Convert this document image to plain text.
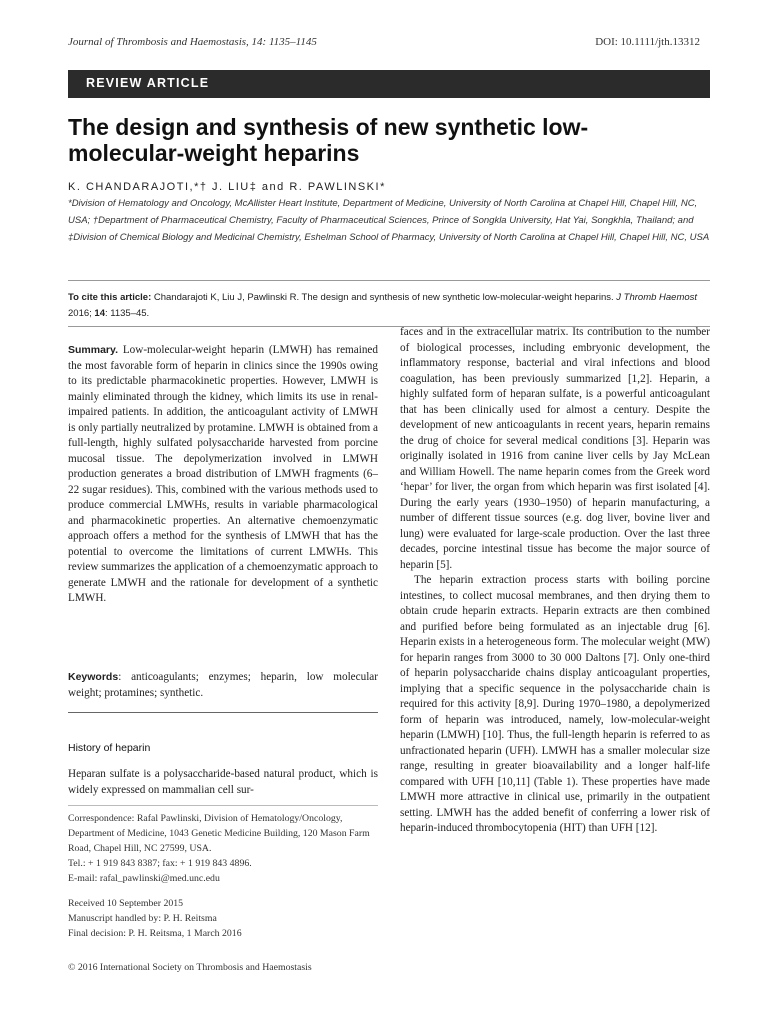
Journal of Thrombosis and Haemostasis, 14: 1135–1145	DOI: 10.1111/jth.13312
REVIEW ARTICLE
The design and synthesis of new synthetic low-molecular-weight heparins
K. CHANDARAJOTI,*† J. LIU‡ and R. PAWLINSKI*
*Division of Hematology and Oncology, McAllister Heart Institute, Department of Medicine, University of North Carolina at Chapel Hill, Chapel Hill, NC, USA; †Department of Pharmaceutical Chemistry, Faculty of Pharmaceutical Sciences, Prince of Songkla University, Hat Yai, Songkhla, Thailand; and ‡Division of Chemical Biology and Medicinal Chemistry, Eshelman School of Pharmacy, University of North Carolina at Chapel Hill, Chapel Hill, NC, USA
To cite this article: Chandarajoti K, Liu J, Pawlinski R. The design and synthesis of new synthetic low-molecular-weight heparins. J Thromb Haemost 2016; 14: 1135–45.

Summary. Low-molecular-weight heparin (LMWH) has remained the most favorable form of heparin in clinics since the 1990s owing to its predictable pharmacokinetic properties. However, LMWH is mainly eliminated through the kidney, which limits its use in renal-impaired patients. In addition, the anticoagulant activity of LMWH is only partially neutralized by protamine. LMWH is obtained from a full-length, highly sulfated polysaccharide harvested from porcine mucosal tissue. The depolymerization involved in LMWH production generates a broad distribution of LMWH fragments (6–22 sugar residues). This, combined with the various methods used to produce commercial LMWHs, results in variable pharmacological and pharmacokinetic properties. An alternative chemoenzymatic approach offers a method for the synthesis of LMWH that has the potential to overcome the limitations of current LMWHs. This review summarizes the application of a chemoenzymatic approach to generate LMWH and the rationale for development of a synthetic LMWH.

Keywords: anticoagulants; enzymes; heparin, low molecular weight; protamines; synthetic.

History of heparin

Heparan sulfate is a polysaccharide-based natural product, which is widely expressed on mammalian cell sur-

Correspondence: Rafal Pawlinski, Division of Hematology/Oncology, Department of Medicine, 1043 Genetic Medicine Building, 120 Mason Farm Road, Chapel Hill, NC 27599, USA.

Tel.: + 1 919 843 8387; fax: + 1 919 843 4896.

E-mail: rafal_pawlinski@med.unc.edu

Received 10 September 2015

Manuscript handled by: P. H. Reitsma

Final decision: P. H. Reitsma, 1 March 2016

© 2016 International Society on Thrombosis and Haemostasis

faces and in the extracellular matrix. Its contribution to the number of biological processes, including embryonic development, the inflammatory response, bacterial and viral infections and blood coagulation, has been previously summarized [1,2]. Heparin, a highly sulfated form of heparan sulfate, is a powerful anticoagulant that has been clinically used for almost a century. Despite the development of new anticoagulants in recent years, heparin remains the drug of choice for several medical conditions [3]. Heparin was originally isolated in 1916 from canine liver cells by Jay McLean and William Howell. The name heparin comes from the Greek word ‘hepar’ for liver, the organ from which heparin was first isolated [4]. During the early years (1930–1950) of heparin manufacturing, a number of different tissue sources (e.g. dog liver, bovine liver and lung) were evaluated for large-scale production. Over the last three decades, porcine intestinal tissue has become the major source of heparin [5].

The heparin extraction process starts with boiling porcine intestines, to collect mucosal membranes, and then drying them to obtain crude heparin extracts. Heparin extracts are then combined and purified before being formulated as an injectable drug [6]. Heparin exists in a heterogeneous form. The molecular weight (MW) for heparin ranges from 3000 to 30 000 Daltons [7]. Only one-third of heparin polysaccharide chains display anticoagulant properties, implying that a specific sequence in the polysaccharide chain is required for this activity [8,9]. During 1970–1980, a depolymerized form of heparin was introduced, namely, low-molecular-weight heparin (LMWH) [10]. Thus, the full-length heparin is referred to as unfractionated heparin (UFH). LMWH has a smaller molecular size range, resulting in greater bioavailability and a longer half-life compared with UFH [10,11] (Table 1). These properties have made LMWH more attractive in clinical use, primarily in the outpatient setting. LMWH has the added benefit of conferring a lower risk of heparin-induced thrombocytopenia (HIT) than UFH [12].
